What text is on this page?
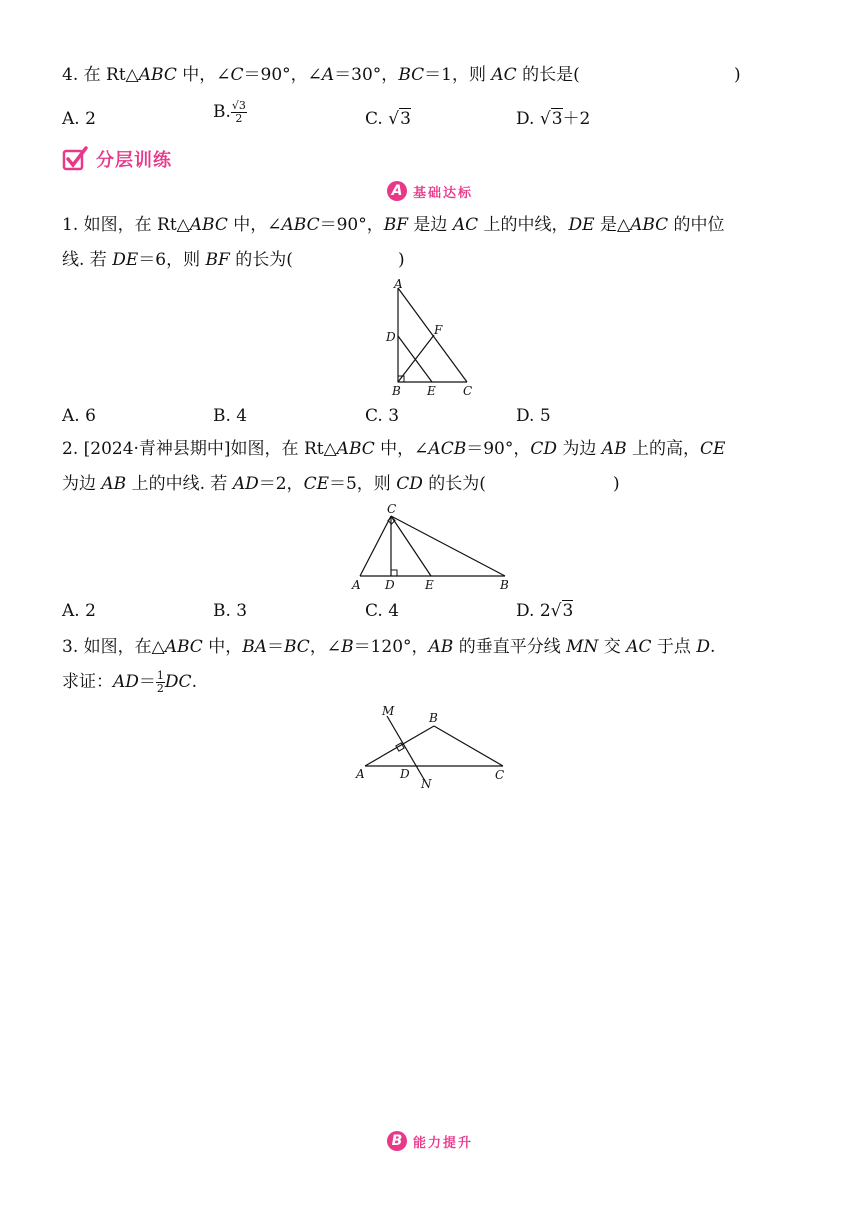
4. 在 Rt△ABC 中，∠C＝90°，∠A＝30°，BC＝1，则 AC 的长是(	)
A. 2	B. $\frac{√3}{2}$	C. √3	D. √3＋2
分层训练
A 基础达标
1. 如图，在 Rt△ABC 中，∠ABC＝90°，BF 是边 AC 上的中线，DE 是△ABC 的中位
线. 若 DE＝6，则 BF 的长为(	)
A
D	F
B E C
A. 6	B. 4	C. 3	D. 5
2. [2024·青神县期中]如图，在 Rt△ABC 中，∠ACB＝90°，CD 为边 AB 上的高，CE
为边 AB 上的中线. 若 AD＝2，CE＝5，则 CD 的长为(	)
C
A D	E	B
A. 2	B. 3	C. 4	D. 2√3
3. 如图，在△ABC 中，BA＝BC，∠B＝120°，AB 的垂直平分线 MN 交 AC 于点 D.
求证：$AD= \frac{1}{2}$ DC.
M	B
A	D
N
C
B 能力提升
